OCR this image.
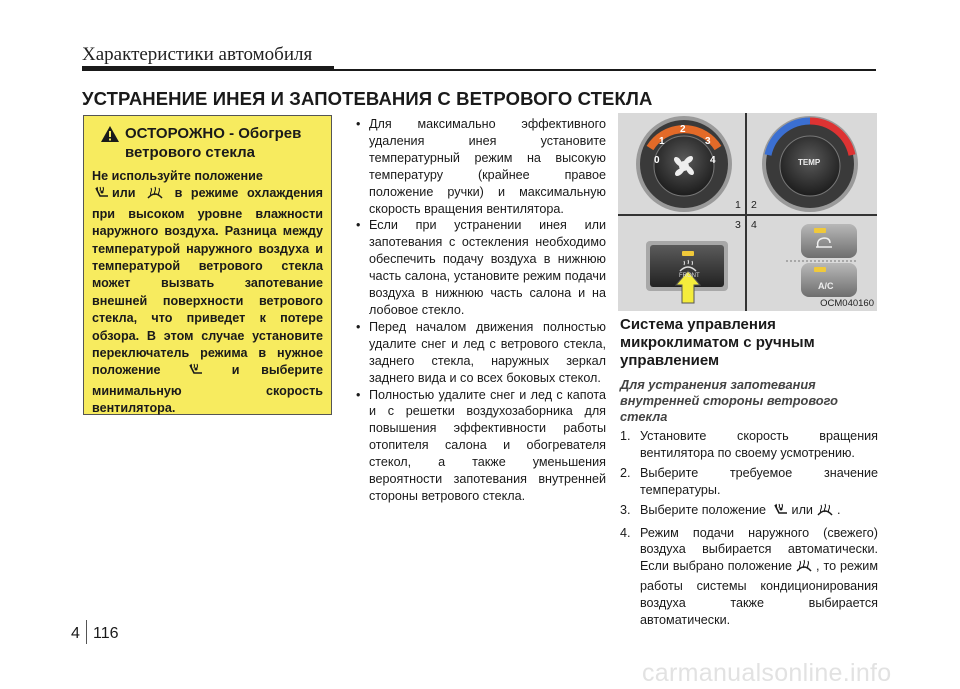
Характеристики автомобиля
УСТРАНЕНИЕ ИНЕЯ И ЗАПОТЕВАНИЯ С ВЕТРОВОГО СТЕКЛА
ОСТОРОЖНО - Обогрев ветрового стекла
Не используйте положение
или	в режиме охлаждения при высоком уровне влажности наружного воздуха. Разница между температурой наружного воздуха и температурой ветрового стекла может вызвать запотевание внешней поверхности ветрового стекла, что приведет к потере обзора. В этом случае установите переключатель режима в нужное положение	и выберите минимальную скорость вентилятора.
• Для максимально эффективного удаления инея установите температурный режим на высокую температуру (крайнее правое положение ручки) и максимальную скорость вращения вентилятора.
• Если при устранении инея или запотевания с остекления необходимо обеспечить подачу воздуха в нижнюю часть салона, установите режим подачи воздуха в нижнюю часть салона и на лобовое стекло.
• Перед началом движения полностью удалите снег и лед с ветрового стекла, заднего стекла, наружных зеркал заднего вида и со всех боковых стекол.
• Полностью удалите снег и лед с капота и с решетки воздухозаборника для повышения эффективности работы отопителя салона и обогревателя стекол, а также уменьшения вероятности запотевания внутренней стороны ветрового стекла.
1 2
3 4
0
1
2
3
4	TEMP
FRONT
A/C
OCM040160
Система управления микроклиматом с ручным управлением
Для устранения запотевания внутренней стороны ветрового стекла
1. Установите скорость вращения вентилятора по своему усмотрению.
2. Выберите требуемое значение температуры.
3. Выберите положение или .
4. Режим подачи наружного (свежего) воздуха выбирается автоматически. Если выбрано положение , то режим работы системы кондиционирования воздуха также выбирается автоматически.
4 116
carmanualsonline.info
